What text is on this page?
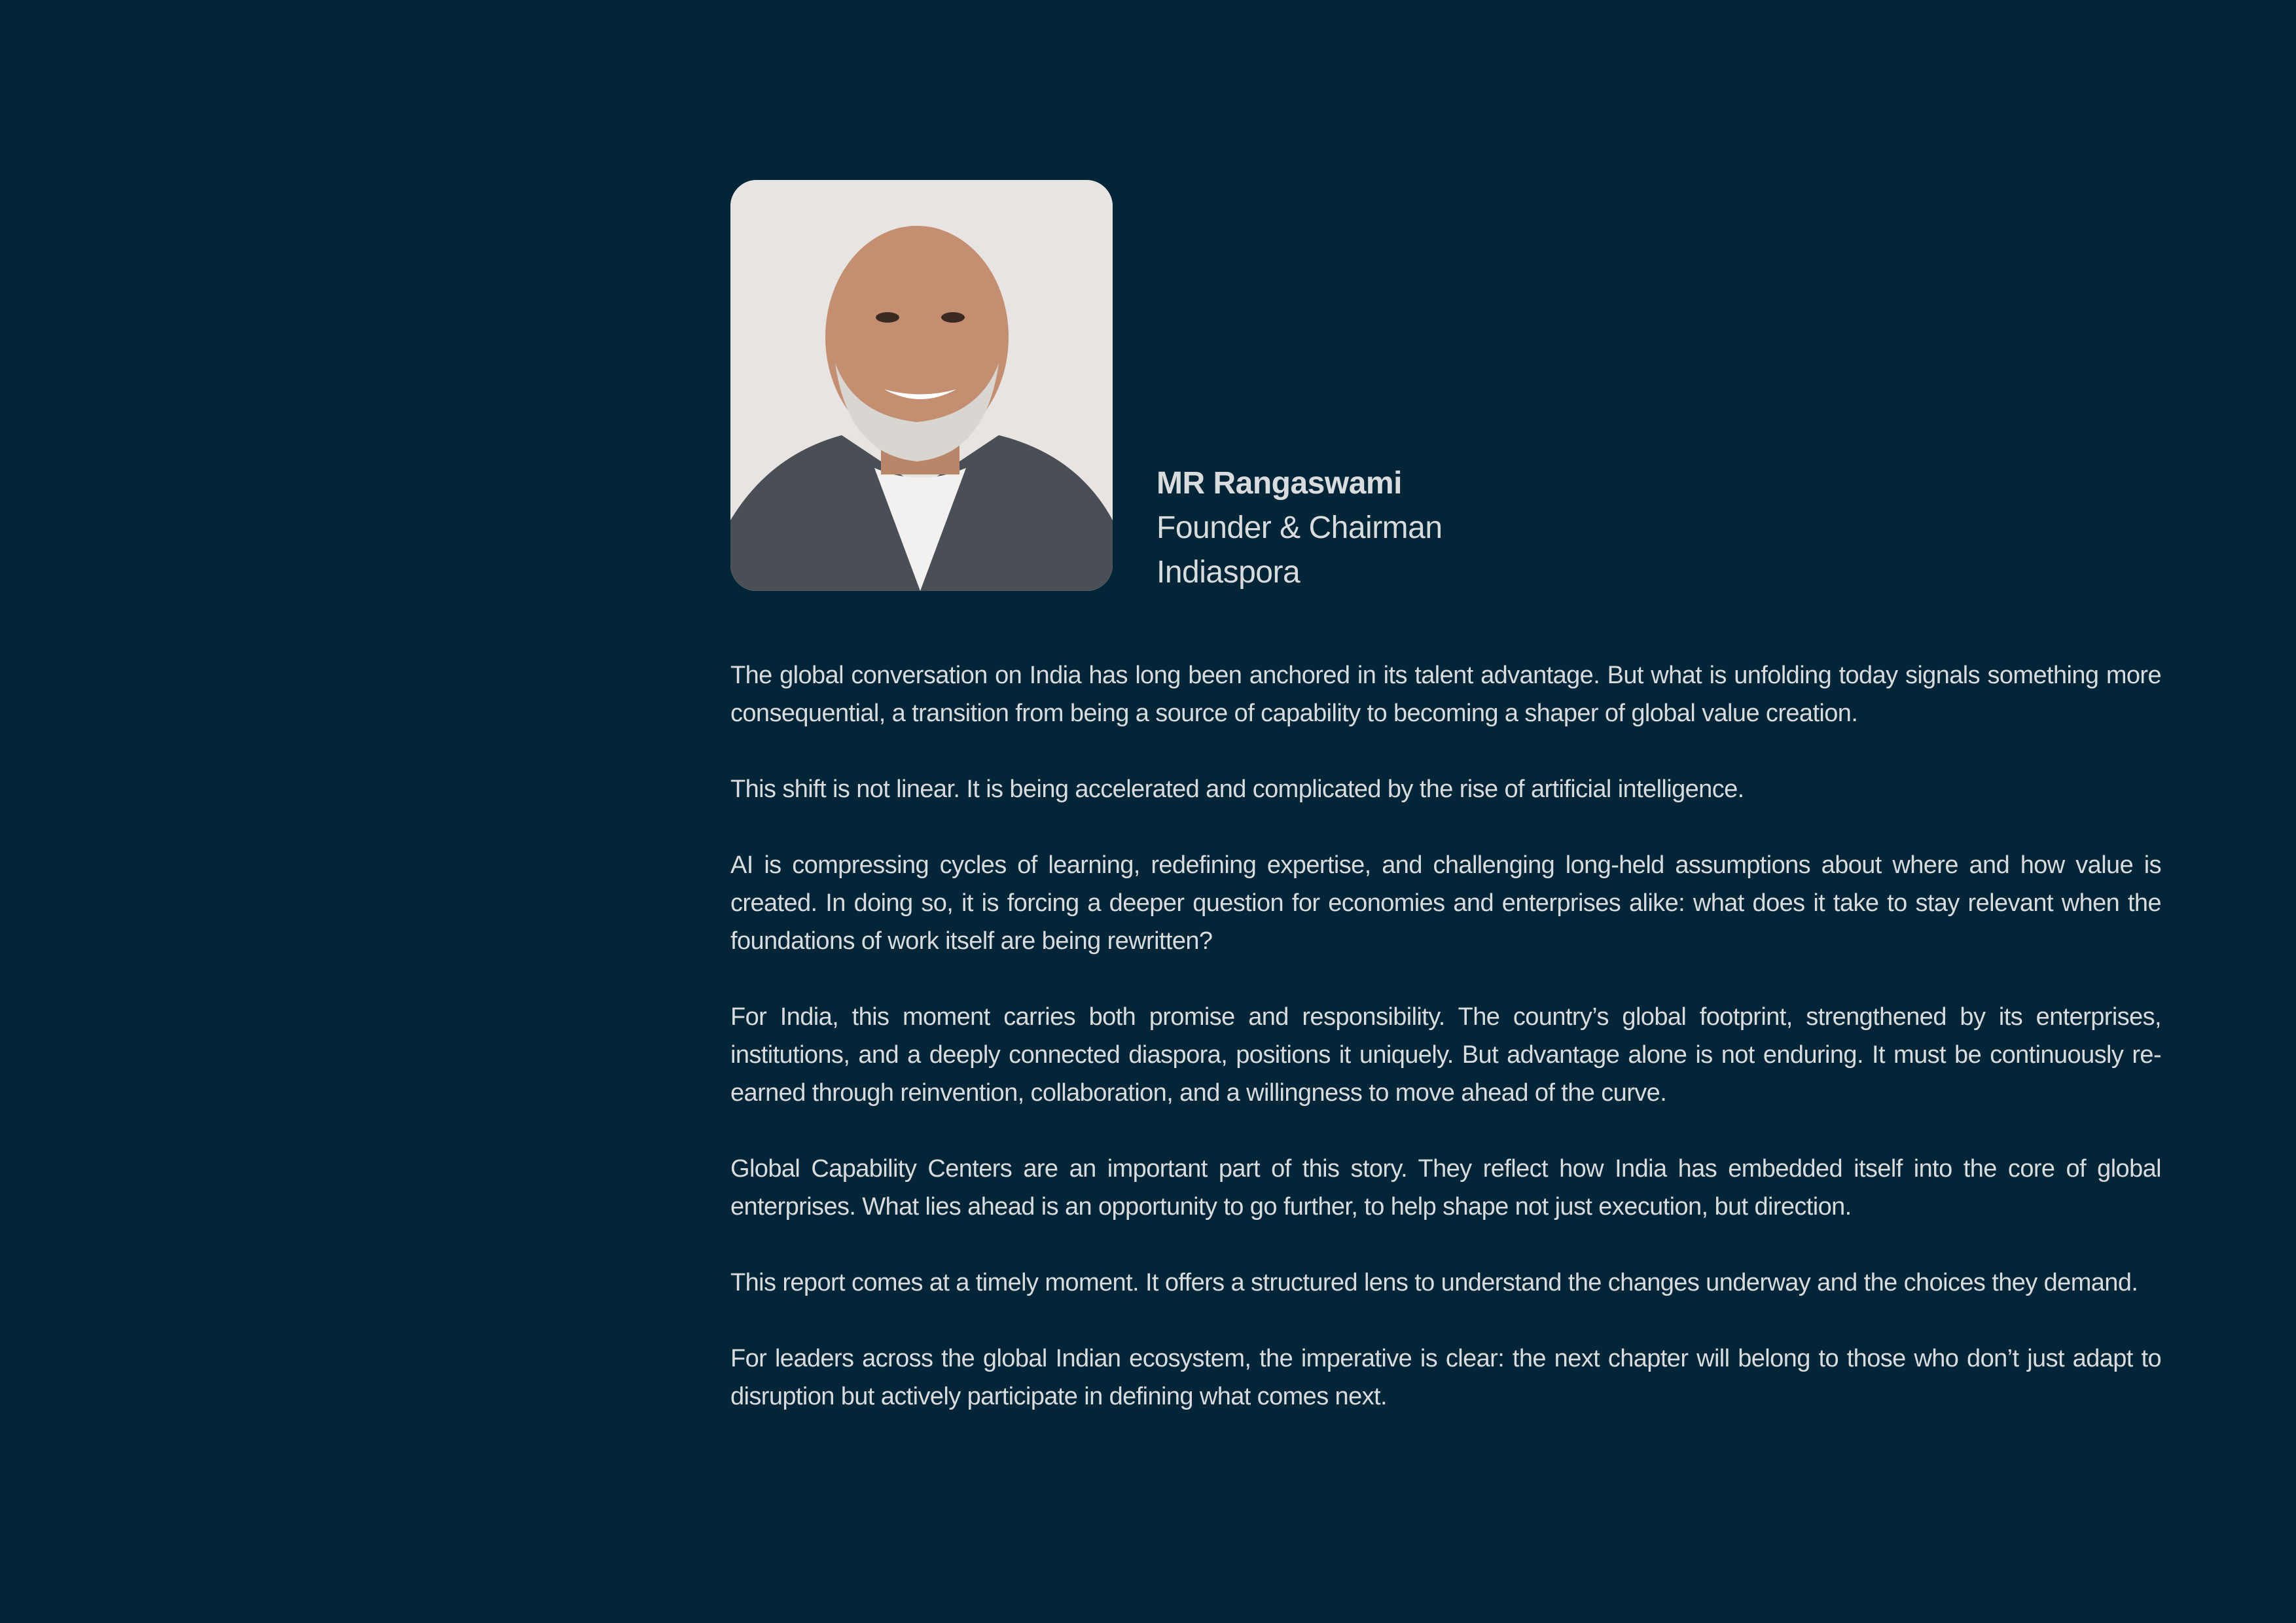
MR Rangaswami
Founder & Chairman
Indiaspora

The global conversation on India has long been anchored in its talent advantage. But what is unfolding today signals something more consequential, a transition from being a source of capability to becoming a shaper of global value creation.

This shift is not linear. It is being accelerated and complicated by the rise of artificial intelligence.

AI is compressing cycles of learning, redefining expertise, and challenging long-held assumptions about where and how value is created. In doing so, it is forcing a deeper question for economies and enterprises alike: what does it take to stay relevant when the foundations of work itself are being rewritten?

For India, this moment carries both promise and responsibility. The country’s global footprint, strengthened by its enterprises, institutions, and a deeply connected diaspora, positions it uniquely. But advantage alone is not enduring. It must be continuously re-earned through reinvention, collaboration, and a willingness to move ahead of the curve.

Global Capability Centers are an important part of this story. They reflect how India has embedded itself into the core of global enterprises. What lies ahead is an opportunity to go further, to help shape not just execution, but direction.

This report comes at a timely moment. It offers a structured lens to understand the changes underway and the choices they demand.

For leaders across the global Indian ecosystem, the imperative is clear: the next chapter will belong to those who don’t just adapt to disruption but actively participate in defining what comes next.
